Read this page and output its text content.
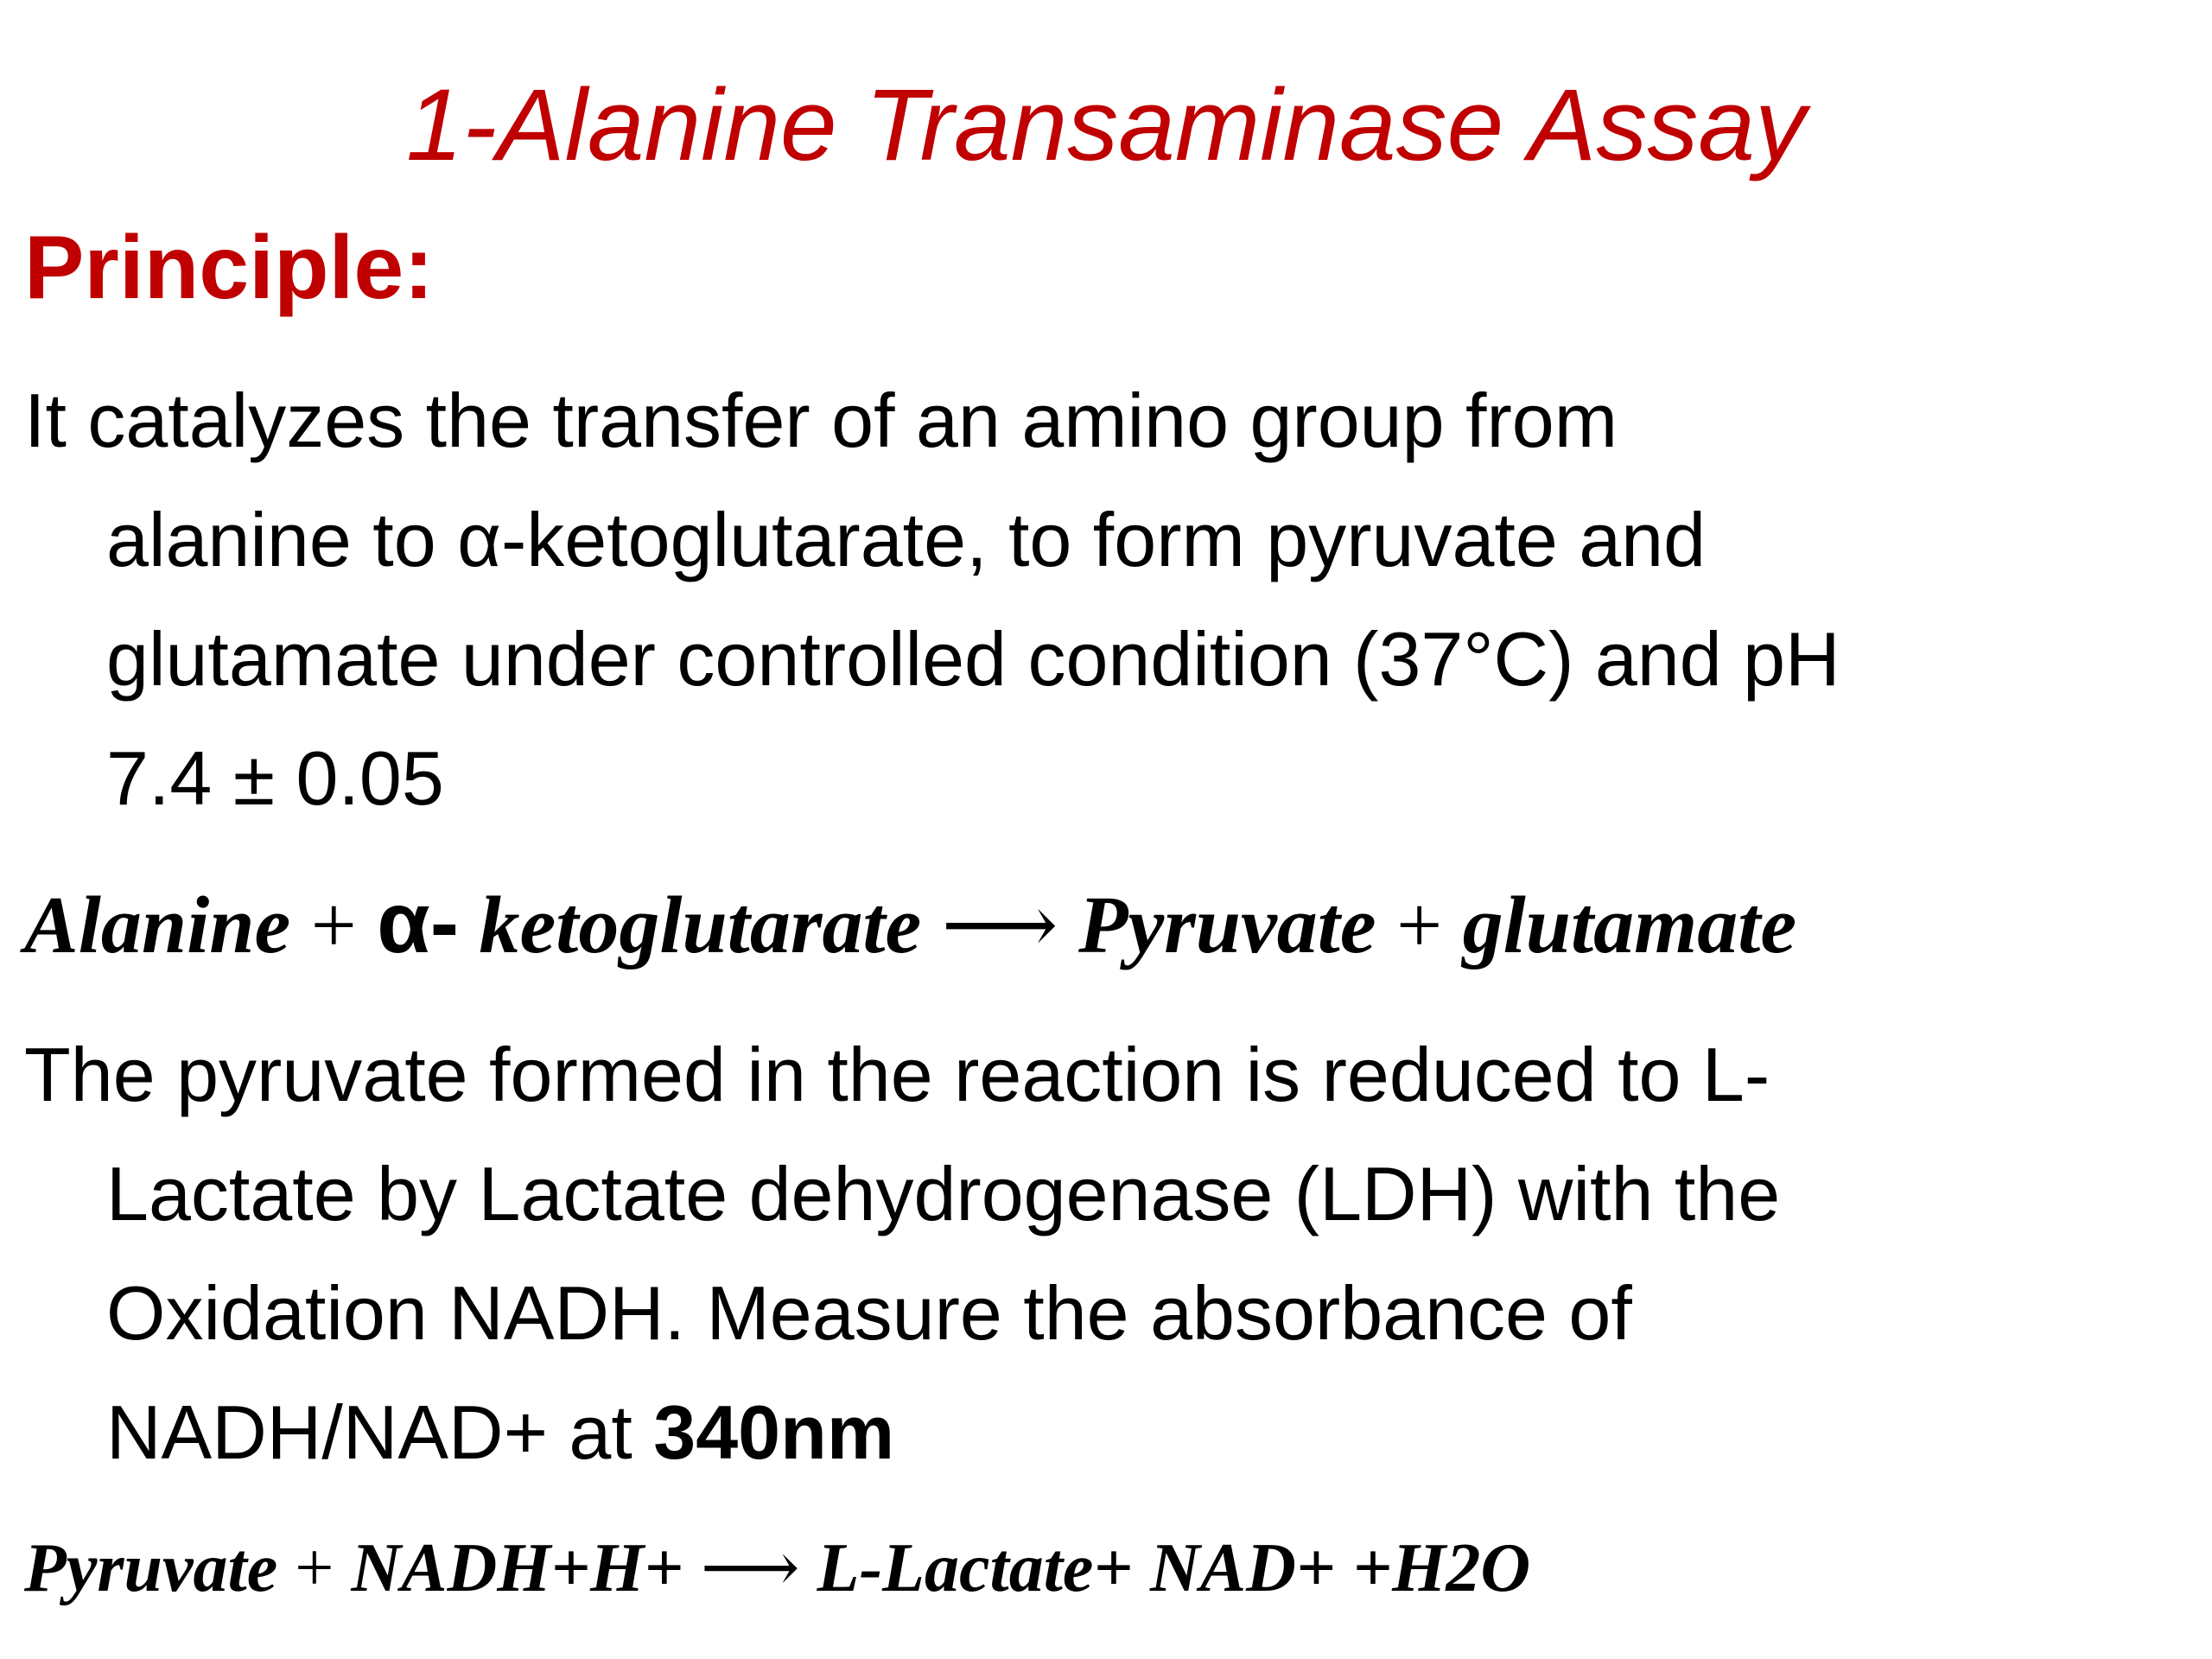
1-Alanine Transaminase Assay
Principle:
It catalyzes the transfer of an amino group from
alanine to α-ketoglutarate, to form pyruvate and
glutamate under controlled condition (37°C) and pH
7.4 ± 0.05
Alanine + α- ketoglutarate ⟶ Pyruvate + glutamate
The pyruvate formed in the reaction is reduced to L-
Lactate by Lactate dehydrogenase (LDH) with the
Oxidation NADH. Measure the absorbance of
NADH/NAD+ at 340nm
Pyruvate + NADH+H+ ⟶ L-Lactate+ NAD+ +H2O
